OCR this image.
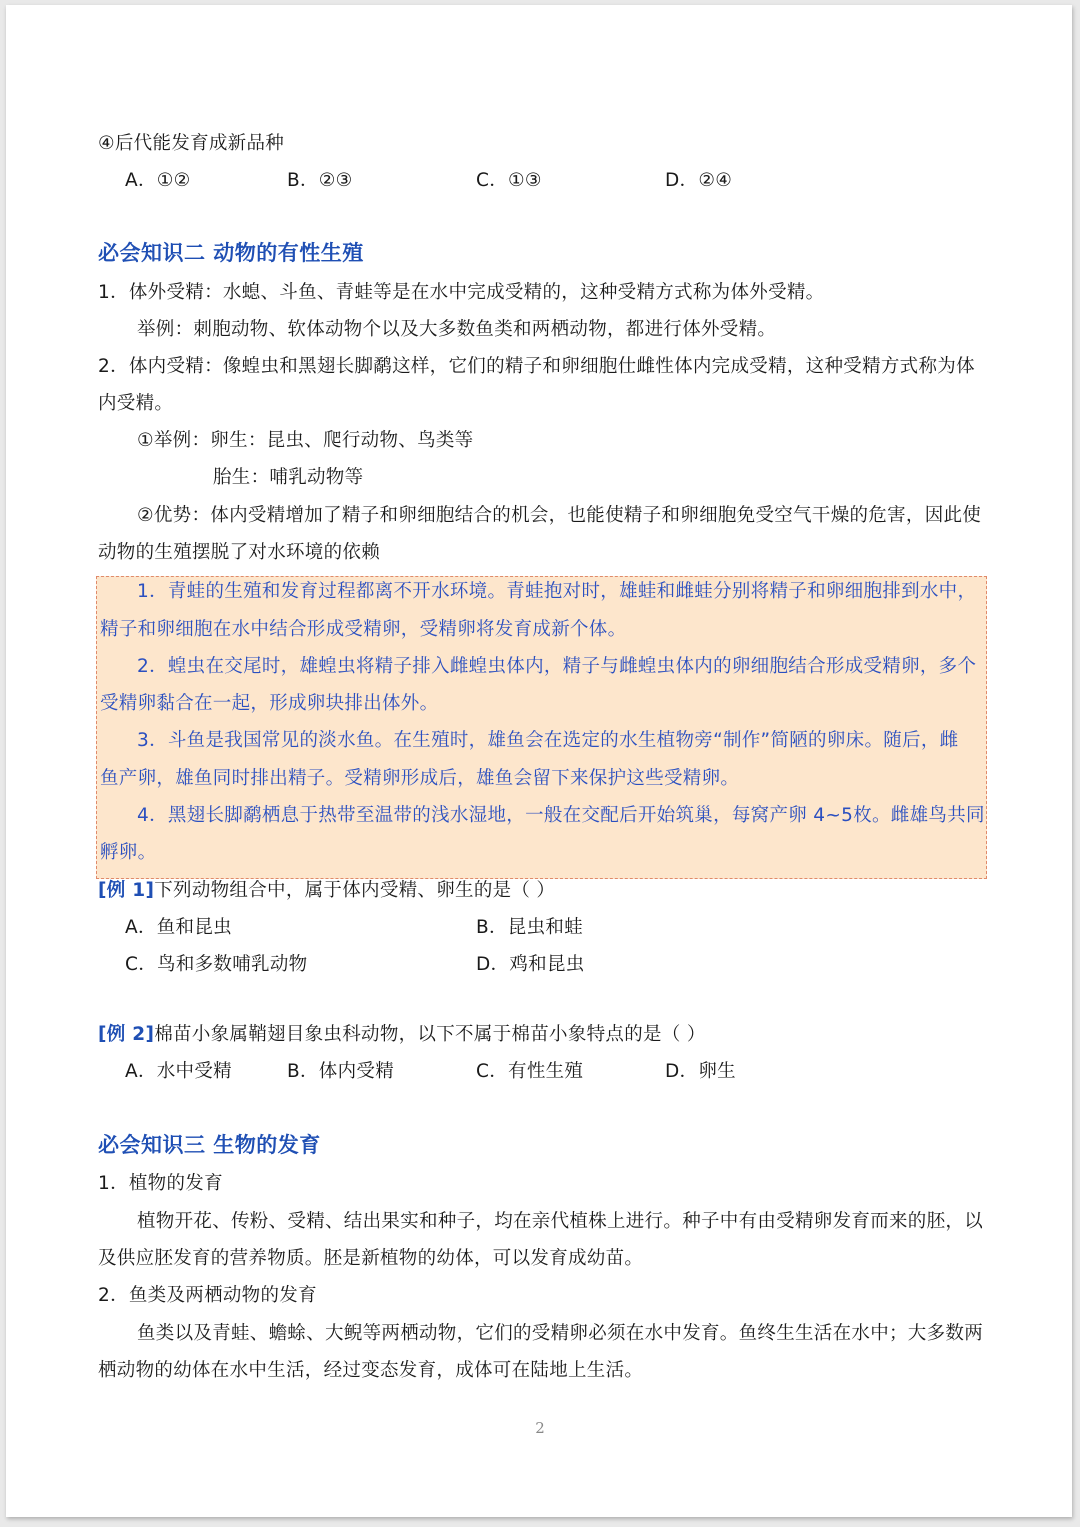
④后代能发育成新品种
A．①②	B．②③	C．①③	D．②④
必会知识二 动物的有性生殖
1．体外受精：水螅、斗鱼、青蛙等是在水中完成受精的，这种受精方式称为体外受精。
举例：刺胞动物、软体动物个以及大多数鱼类和两栖动物，都进行体外受精。
2．体内受精：像蝗虫和黑翅长脚鹬这样，它们的精子和卵细胞仕雌性体内完成受精，这种受精方式称为体
内受精。
①举例：卵生：昆虫、爬行动物、鸟类等
胎生：哺乳动物等
②优势：体内受精增加了精子和卵细胞结合的机会，也能使精子和卵细胞免受空气干燥的危害，因此使
动物的生殖摆脱了对水环境的依赖
1．青蛙的生殖和发育过程都离不开水环境。青蛙抱对时，雄蛙和雌蛙分别将精子和卵细胞排到水中，
精子和卵细胞在水中结合形成受精卵，受精卵将发育成新个体。
2．蝗虫在交尾时，雄蝗虫将精子排入雌蝗虫体内，精子与雌蝗虫体内的卵细胞结合形成受精卵，多个
受精卵黏合在一起，形成卵块排出体外。
3．斗鱼是我国常见的淡水鱼。在生殖时，雄鱼会在选定的水生植物旁“制作”简陋的卵床。随后，雌
鱼产卵，雄鱼同时排出精子。受精卵形成后，雄鱼会留下来保护这些受精卵。
4．黑翅长脚鹬栖息于热带至温带的浅水湿地，一般在交配后开始筑巢，每窝产卵 4~5枚。雌雄鸟共同
孵卵。
[例 1]下列动物组合中，属于体内受精、卵生的是（ ）
A．鱼和昆虫	B．昆虫和蛙
C．鸟和多数哺乳动物	D．鸡和昆虫
[例 2]棉苗小象属鞘翅目象虫科动物，以下不属于棉苗小象特点的是（ ）
A．水中受精	B．体内受精	C．有性生殖	D．卵生
必会知识三 生物的发育
1．植物的发育
植物开花、传粉、受精、结出果实和种子，均在亲代植株上进行。种子中有由受精卵发育而来的胚，以
及供应胚发育的营养物质。胚是新植物的幼体，可以发育成幼苗。
2．鱼类及两栖动物的发育
鱼类以及青蛙、蟾蜍、大鲵等两栖动物，它们的受精卵必须在水中发育。鱼终生生活在水中；大多数两
栖动物的幼体在水中生活，经过变态发育，成体可在陆地上生活。
2
